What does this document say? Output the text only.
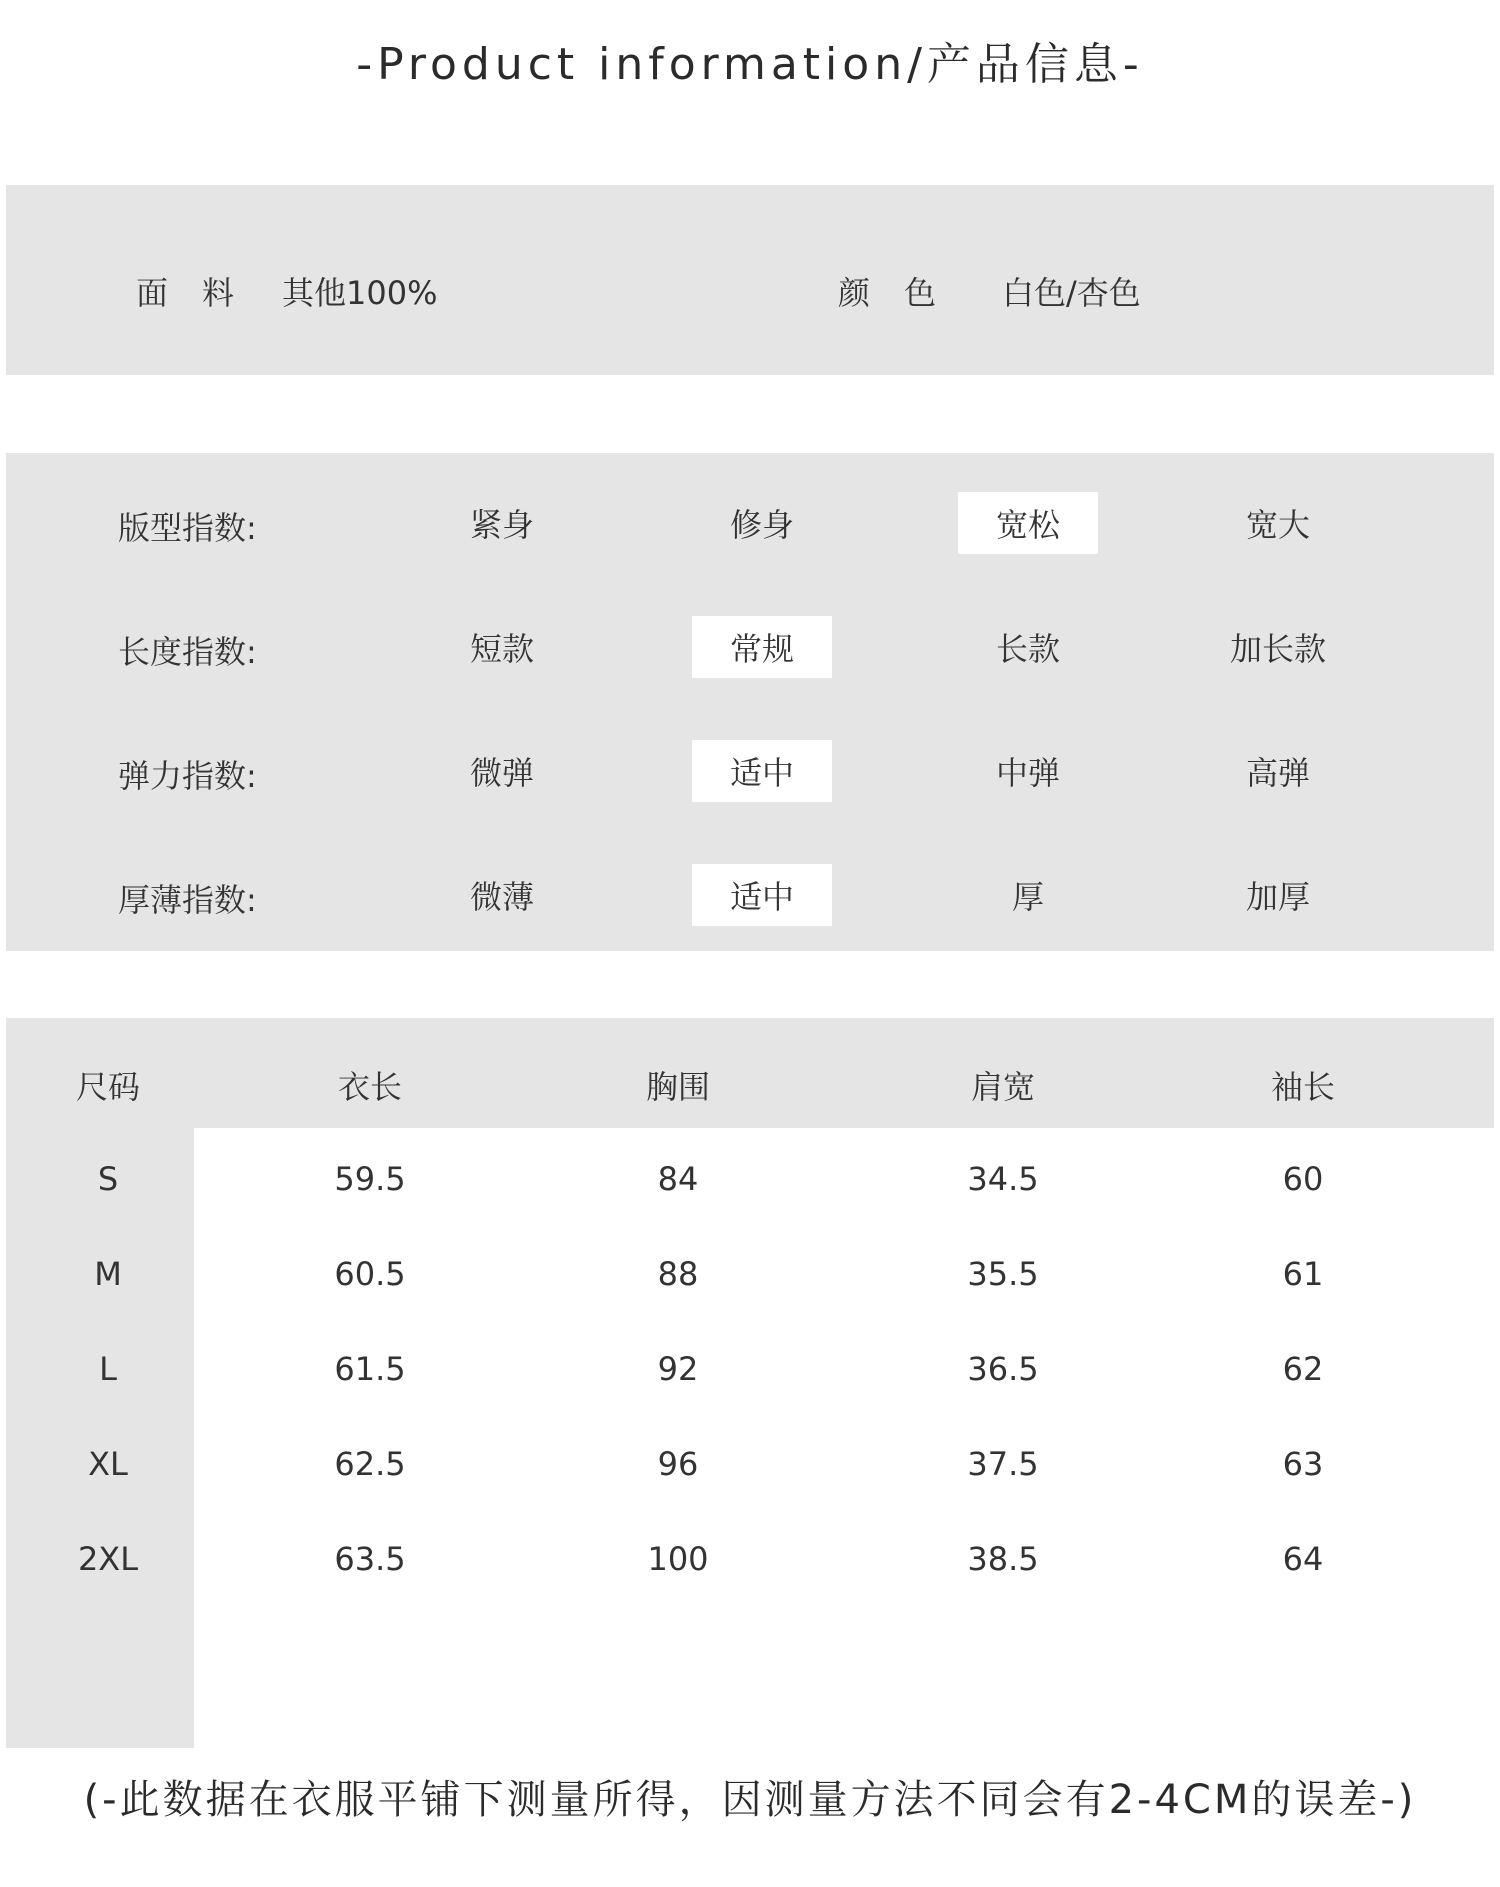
-Product information/产品信息-
面料 其他100%	颜色 白色/杏色
(-此数据在衣服平铺下测量所得，因测量方法不同会有2-4CM的误差-)
版型指数:	紧身	修身	宽松	宽大
长度指数:	短款	常规	长款	加长款
弹力指数:	微弹	适中	中弹	高弹
厚薄指数:	微薄	适中	厚	加厚
尺码	衣长	胸围	肩宽	袖长
S	59.5	84	34.5	60
M	60.5	88	35.5	61
L	61.5	92	36.5	62
XL	62.5	96	37.5	63
2XL	63.5	100	38.5	64
